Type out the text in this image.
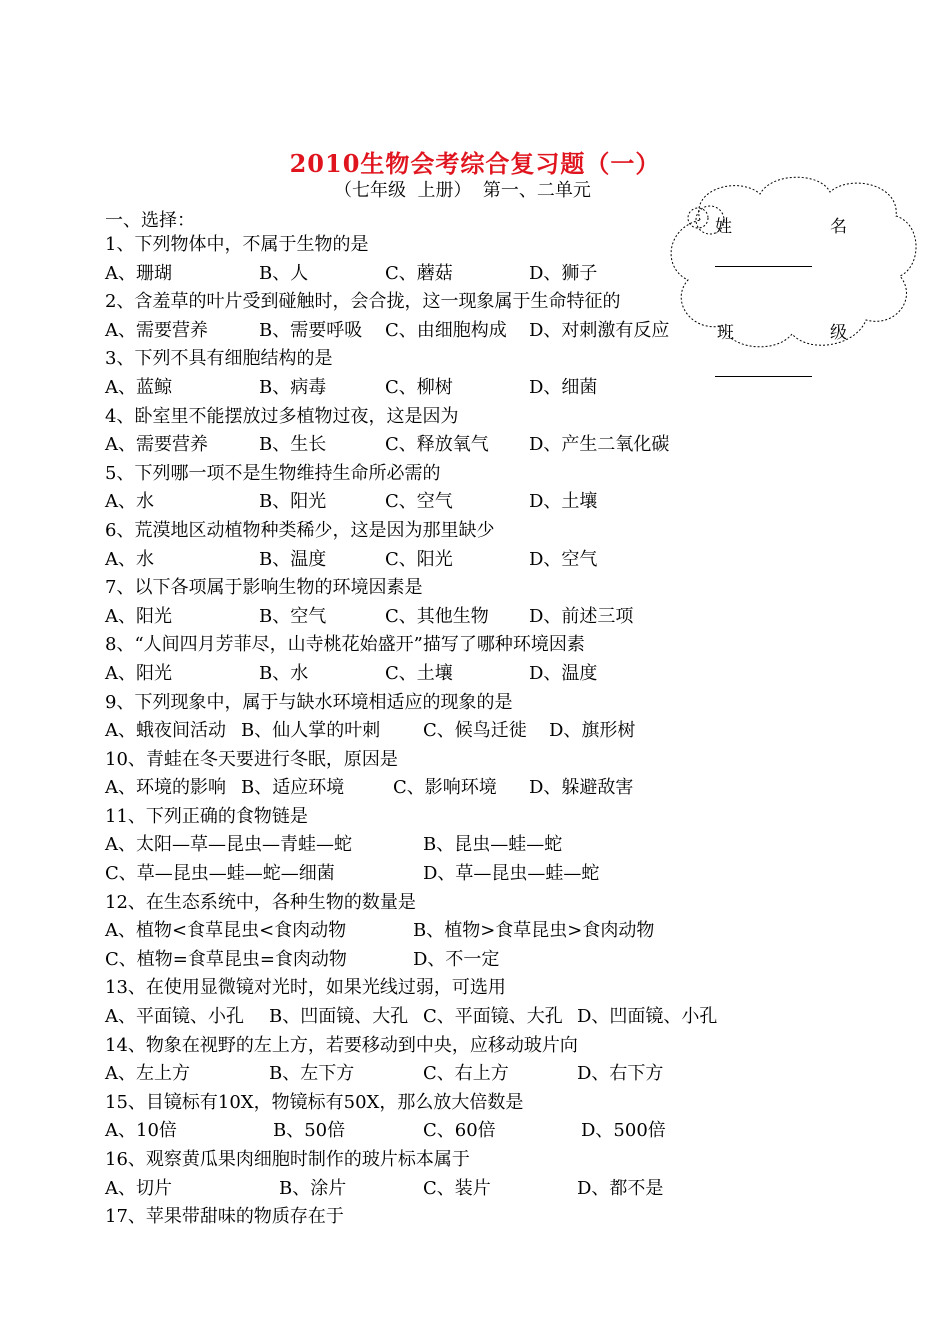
2010生物会考综合复习题（一）
（七年级  上册）  第一、二单元
一、选择：	姓	名
班	级
1、下列物体中，不属于生物的是
A、珊瑚	B、人	C、蘑菇	D、狮子
2、含羞草的叶片受到碰触时，会合拢，这一现象属于生命特征的
A、需要营养	B、需要呼吸 C、由细胞构成 D、对刺激有反应
3、下列不具有细胞结构的是
A、蓝鲸	B、病毒	C、柳树	D、细菌
4、卧室里不能摆放过多植物过夜，这是因为
A、需要营养	B、生长	C、释放氧气 D、产生二氧化碳
5、下列哪一项不是生物维持生命所必需的
A、水	B、阳光	C、空气	D、土壤
6、荒漠地区动植物种类稀少，这是因为那里缺少
A、水	B、温度	C、阳光	D、空气
7、以下各项属于影响生物的环境因素是
A、阳光	B、空气	C、其他生物 D、前述三项
8、“人间四月芳菲尽，山寺桃花始盛开”描写了哪种环境因素
A、阳光	B、水	C、土壤	D、温度
9、下列现象中，属于与缺水环境相适应的现象的是
A、蛾夜间活动 B、仙人掌的叶刺 C、候鸟迁徙 D、旗形树
10、青蛙在冬天要进行冬眠，原因是
A、环境的影响 B、适应环境	C、影响环境 D、躲避敌害
11、下列正确的食物链是
A、太阳—草—昆虫—青蛙—蛇	B、昆虫—蛙—蛇
C、草—昆虫—蛙—蛇—细菌	D、草—昆虫—蛙—蛇
12、在生态系统中，各种生物的数量是
A、植物<食草昆虫<食肉动物	B、植物>食草昆虫>食肉动物
C、植物=食草昆虫=食肉动物	D、不一定
13、在使用显微镜对光时，如果光线过弱，可选用
A、平面镜、小孔 B、凹面镜、大孔 C、平面镜、大孔 D、凹面镜、小孔
14、物象在视野的左上方，若要移动到中央，应移动玻片向
A、左上方	B、左下方	C、右上方	D、右下方
15、目镜标有10X，物镜标有50X，那么放大倍数是
A、10倍	B、50倍	C、60倍	D、500倍
16、观察黄瓜果肉细胞时制作的玻片标本属于
A、切片	B、涂片	C、装片	D、都不是
17、苹果带甜味的物质存在于
